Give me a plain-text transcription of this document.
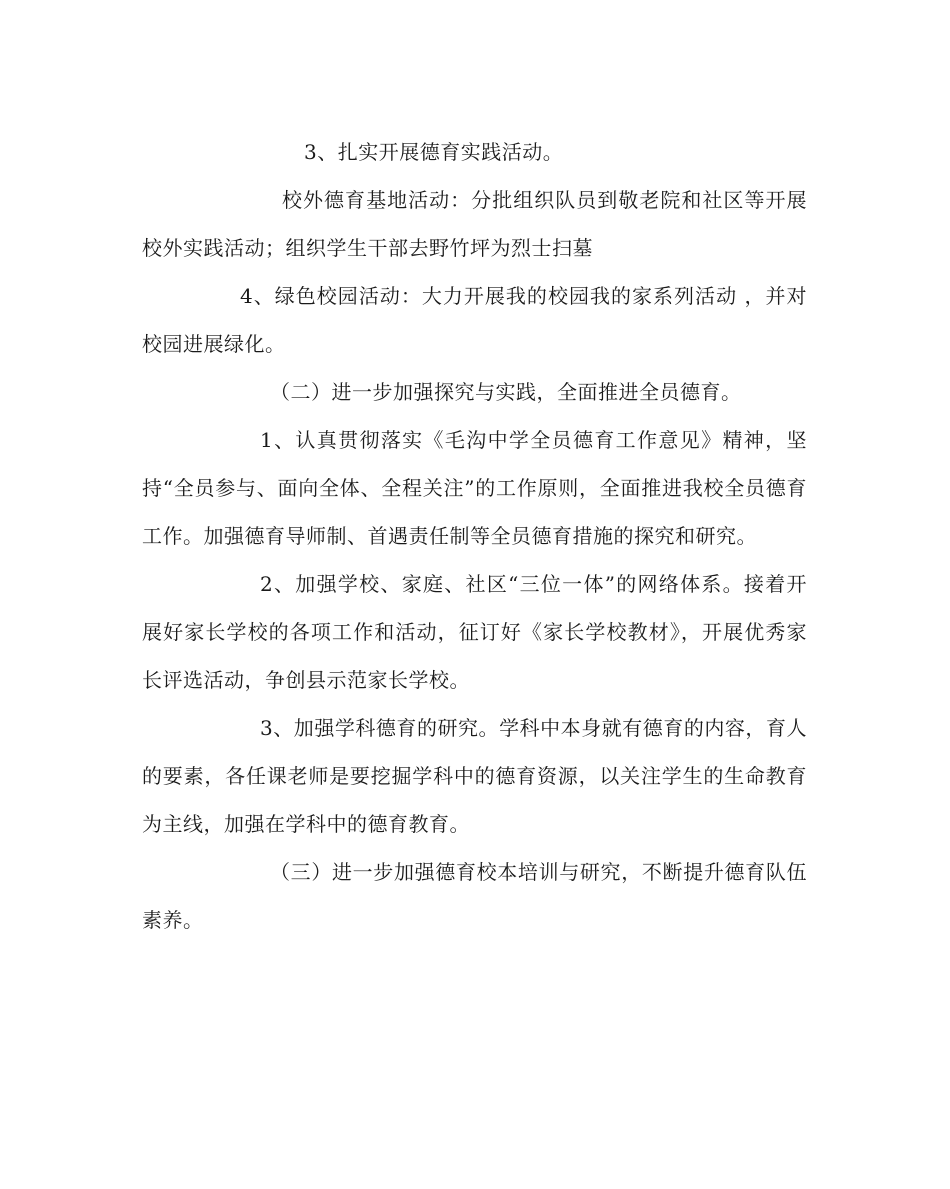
3、扎实开展德育实践活动。

校外德育基地活动：分批组织队员到敬老院和社区等开展校外实践活动；组织学生干部去野竹坪为烈士扫墓

4、绿色校园活动：大力开展我的校园我的家系列活动 ，并对校园进展绿化。

（二）进一步加强探究与实践，全面推进全员德育。

1、认真贯彻落实《毛沟中学全员德育工作意见》精神，坚持“全员参与、面向全体、全程关注”的工作原则，全面推进我校全员德育工作。加强德育导师制、首遇责任制等全员德育措施的探究和研究。

2、加强学校、家庭、社区“三位一体”的网络体系。接着开展好家长学校的各项工作和活动，征订好《家长学校教材》，开展优秀家长评选活动，争创县示范家长学校。

3、加强学科德育的研究。学科中本身就有德育的内容，育人的要素，各任课老师是要挖掘学科中的德育资源，以关注学生的生命教育为主线，加强在学科中的德育教育。

（三）进一步加强德育校本培训与研究，不断提升德育队伍素养。
